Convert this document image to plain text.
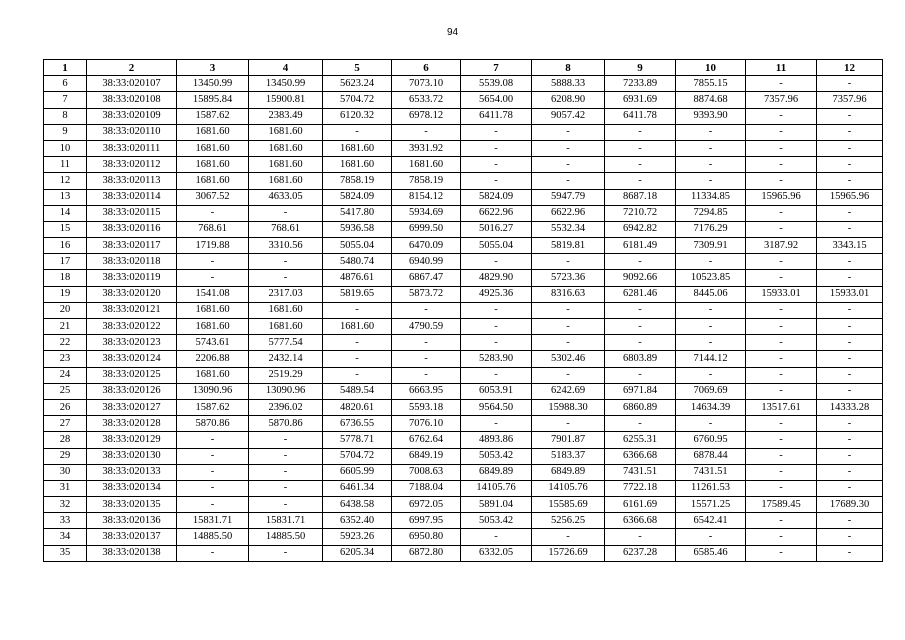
94
1	2	3	4	5	6	7	8	9	10	11	12
6	38:33:020107	13450.99	13450.99	5623.24	7073.10	5539.08	5888.33	7233.89	7855.15	-	-
7	38:33:020108	15895.84	15900.81	5704.72	6533.72	5654.00	6208.90	6931.69	8874.68	7357.96	7357.96
8	38:33:020109	1587.62	2383.49	6120.32	6978.12	6411.78	9057.42	6411.78	9393.90	-	-
9	38:33:020110	1681.60	1681.60	-	-	-	-	-	-	-	-
10	38:33:020111	1681.60	1681.60	1681.60	3931.92	-	-	-	-	-	-
11	38:33:020112	1681.60	1681.60	1681.60	1681.60	-	-	-	-	-	-
12	38:33:020113	1681.60	1681.60	7858.19	7858.19	-	-	-	-	-	-
13	38:33:020114	3067.52	4633.05	5824.09	8154.12	5824.09	5947.79	8687.18	11334.85	15965.96	15965.96
14	38:33:020115	-	-	5417.80	5934.69	6622.96	6622.96	7210.72	7294.85	-	-
15	38:33:020116	768.61	768.61	5936.58	6999.50	5016.27	5532.34	6942.82	7176.29	-	-
16	38:33:020117	1719.88	3310.56	5055.04	6470.09	5055.04	5819.81	6181.49	7309.91	3187.92	3343.15
17	38:33:020118	-	-	5480.74	6940.99	-	-	-	-	-	-
18	38:33:020119	-	-	4876.61	6867.47	4829.90	5723.36	9092.66	10523.85	-	-
19	38:33:020120	1541.08	2317.03	5819.65	5873.72	4925.36	8316.63	6281.46	8445.06	15933.01	15933.01
20	38:33:020121	1681.60	1681.60	-	-	-	-	-	-	-	-
21	38:33:020122	1681.60	1681.60	1681.60	4790.59	-	-	-	-	-	-
22	38:33:020123	5743.61	5777.54	-	-	-	-	-	-	-	-
23	38:33:020124	2206.88	2432.14	-	-	5283.90	5302.46	6803.89	7144.12	-	-
24	38:33:020125	1681.60	2519.29	-	-	-	-	-	-	-	-
25	38:33:020126	13090.96	13090.96	5489.54	6663.95	6053.91	6242.69	6971.84	7069.69	-	-
26	38:33:020127	1587.62	2396.02	4820.61	5593.18	9564.50	15988.30	6860.89	14634.39	13517.61	14333.28
27	38:33:020128	5870.86	5870.86	6736.55	7076.10	-	-	-	-	-	-
28	38:33:020129	-	-	5778.71	6762.64	4893.86	7901.87	6255.31	6760.95	-	-
29	38:33:020130	-	-	5704.72	6849.19	5053.42	5183.37	6366.68	6878.44	-	-
30	38:33:020133	-	-	6605.99	7008.63	6849.89	6849.89	7431.51	7431.51	-	-
31	38:33:020134	-	-	6461.34	7188.04	14105.76	14105.76	7722.18	11261.53	-	-
32	38:33:020135	-	-	6438.58	6972.05	5891.04	15585.69	6161.69	15571.25	17589.45	17689.30
33	38:33:020136	15831.71	15831.71	6352.40	6997.95	5053.42	5256.25	6366.68	6542.41	-	-
34	38:33:020137	14885.50	14885.50	5923.26	6950.80	-	-	-	-	-	-
35	38:33:020138	-	-	6205.34	6872.80	6332.05	15726.69	6237.28	6585.46	-	-
